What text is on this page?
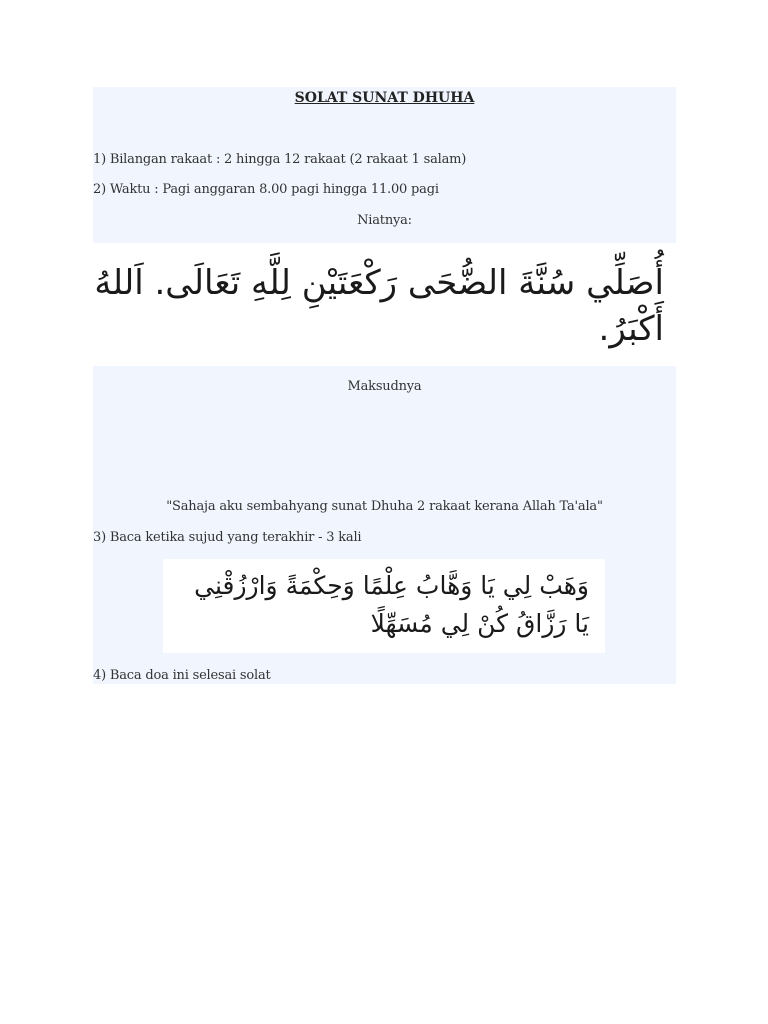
SOLAT SUNAT DHUHA
1) Bilangan rakaat : 2 hingga 12 rakaat (2 rakaat 1 salam)
2) Waktu : Pagi anggaran 8.00 pagi hingga 11.00 pagi
Niatnya:
أُصَلِّي سُنَّةَ الضُّحَى رَكْعَتَيْنِ لِلَّهِ تَعَالَى. اَللهُ
أَكْبَرُ.
Maksudnya
"Sahaja aku sembahyang sunat Dhuha 2 rakaat kerana Allah Ta'ala"
3) Baca ketika sujud yang terakhir - 3 kali
وَهَبْ لِي يَا وَهَّابُ عِلْمًا وَحِكْمَةً وَارْزُقْنِي
يَا رَزَّاقُ كُنْ لِي مُسَهِّلًا
4) Baca doa ini selesai solat
